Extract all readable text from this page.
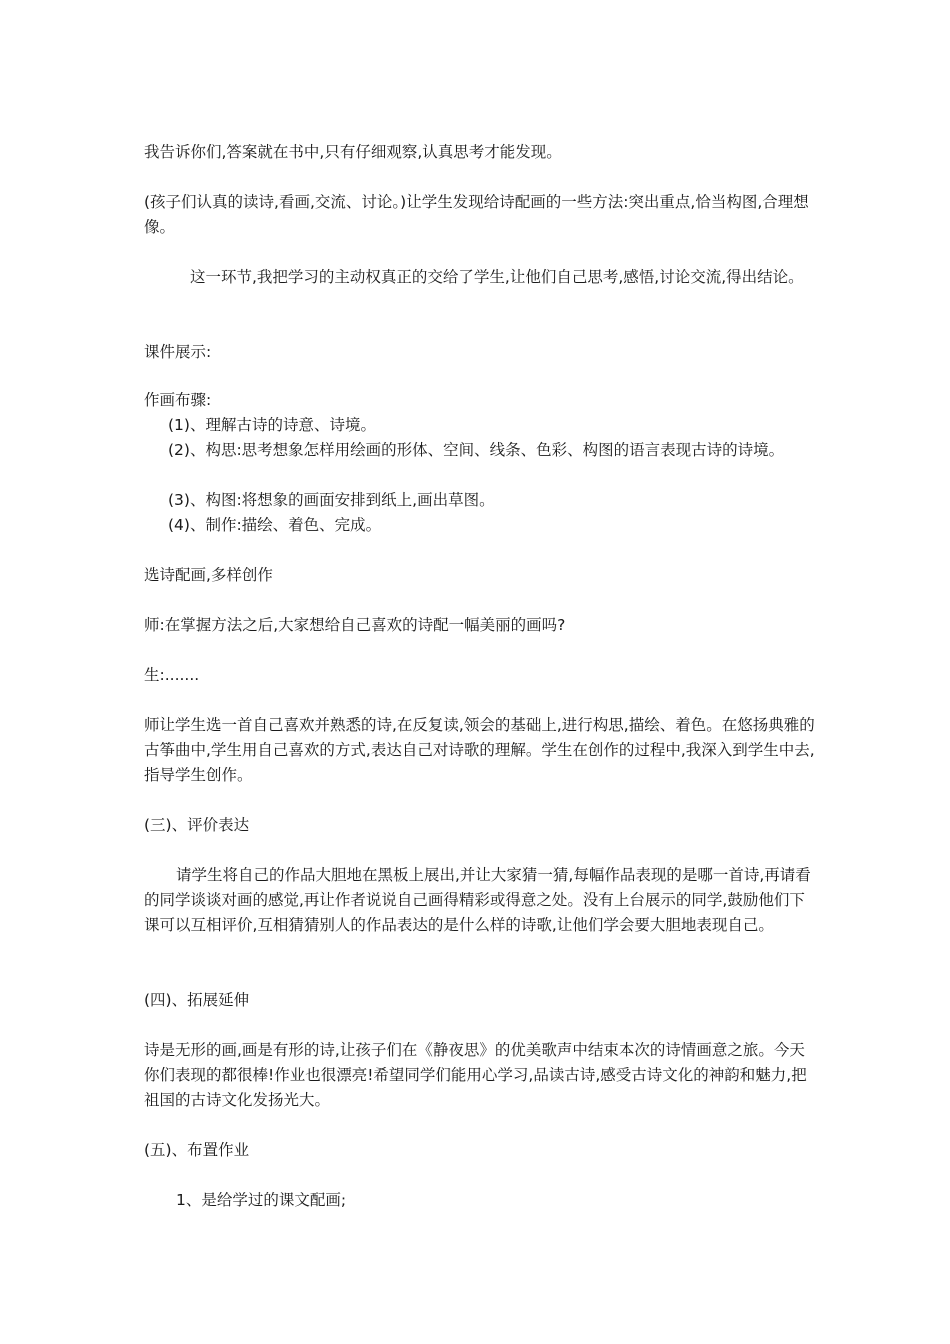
我告诉你们,答案就在书中,只有仔细观察,认真思考才能发现。

(孩子们认真的读诗,看画,交流、讨论。)让学生发现给诗配画的一些方法:突出重点,恰当构图,合理想像。

这一环节,我把学习的主动权真正的交给了学生,让他们自己思考,感悟,讨论交流,得出结论。

课件展示:

作画布骤:

(1)、理解古诗的诗意、诗境。

(2)、构思:思考想象怎样用绘画的形体、空间、线条、色彩、构图的语言表现古诗的诗境。

(3)、构图:将想象的画面安排到纸上,画出草图。

(4)、制作:描绘、着色、完成。

选诗配画,多样创作

师:在掌握方法之后,大家想给自己喜欢的诗配一幅美丽的画吗?

生:.......

师让学生选一首自己喜欢并熟悉的诗,在反复读,领会的基础上,进行构思,描绘、着色。在悠扬典雅的古筝曲中,学生用自己喜欢的方式,表达自己对诗歌的理解。学生在创作的过程中,我深入到学生中去,指导学生创作。

(三)、评价表达

请学生将自己的作品大胆地在黑板上展出,并让大家猜一猜,每幅作品表现的是哪一首诗,再请看的同学谈谈对画的感觉,再让作者说说自己画得精彩或得意之处。没有上台展示的同学,鼓励他们下课可以互相评价,互相猜猜别人的作品表达的是什么样的诗歌,让他们学会要大胆地表现自己。

(四)、拓展延伸

诗是无形的画,画是有形的诗,让孩子们在《静夜思》的优美歌声中结束本次的诗情画意之旅。今天你们表现的都很棒!作业也很漂亮!希望同学们能用心学习,品读古诗,感受古诗文化的神韵和魅力,把祖国的古诗文化发扬光大。

(五)、布置作业

1、是给学过的课文配画;
